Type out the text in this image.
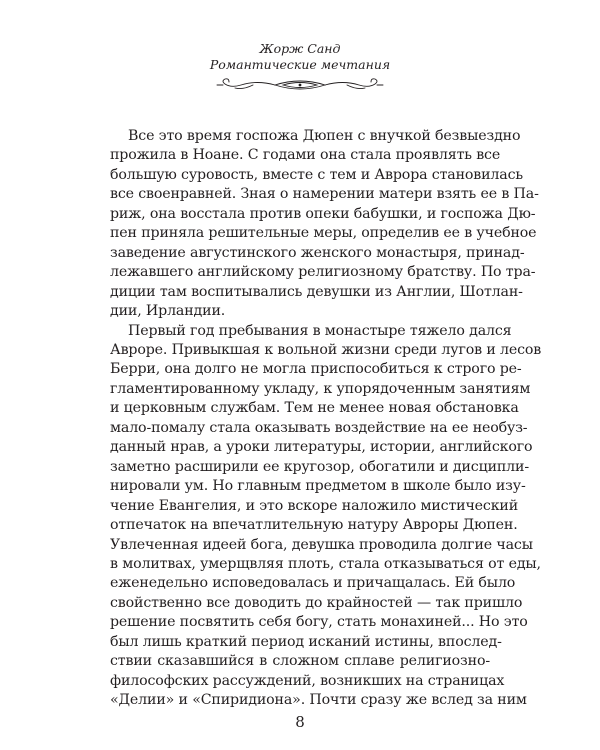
Жорж Санд
Романтические мечтания
Все это время госпожа Дюпен с внучкой безвыездно
прожила в Ноане. С годами она стала проявлять все
большую суровость, вместе с тем и Аврора становилась
все своенравней. Зная о намерении матери взять ее в Па-
риж, она восстала против опеки бабушки, и госпожа Дю-
пен приняла решительные меры, определив ее в учебное
заведение августинского женского монастыря, принад-
лежавшего английскому религиозному братству. По тра-
диции там воспитывались девушки из Англии, Шотлан-
дии, Ирландии.
Первый год пребывания в монастыре тяжело дался
Авроре. Привыкшая к вольной жизни среди лугов и лесов
Берри, она долго не могла приспособиться к строго ре-
гламентированному укладу, к упорядоченным занятиям
и церковным службам. Тем не менее новая обстановка
мало-помалу стала оказывать воздействие на ее необуз-
данный нрав, а уроки литературы, истории, английского
заметно расширили ее кругозор, обогатили и дисципли-
нировали ум. Но главным предметом в школе было изу-
чение Евангелия, и это вскоре наложило мистический
отпечаток на впечатлительную натуру Авроры Дюпен.
Увлеченная идеей бога, девушка проводила долгие часы
в молитвах, умерщвляя плоть, стала отказываться от еды,
еженедельно исповедовалась и причащалась. Ей было
свойственно все доводить до крайностей — так пришло
решение посвятить себя богу, стать монахиней... Но это
был лишь краткий период исканий истины, впослед-
ствии сказавшийся в сложном сплаве религиозно-
философских рассуждений, возникших на страницах
«Делии» и «Спиридиона». Почти сразу же вслед за ним
8
